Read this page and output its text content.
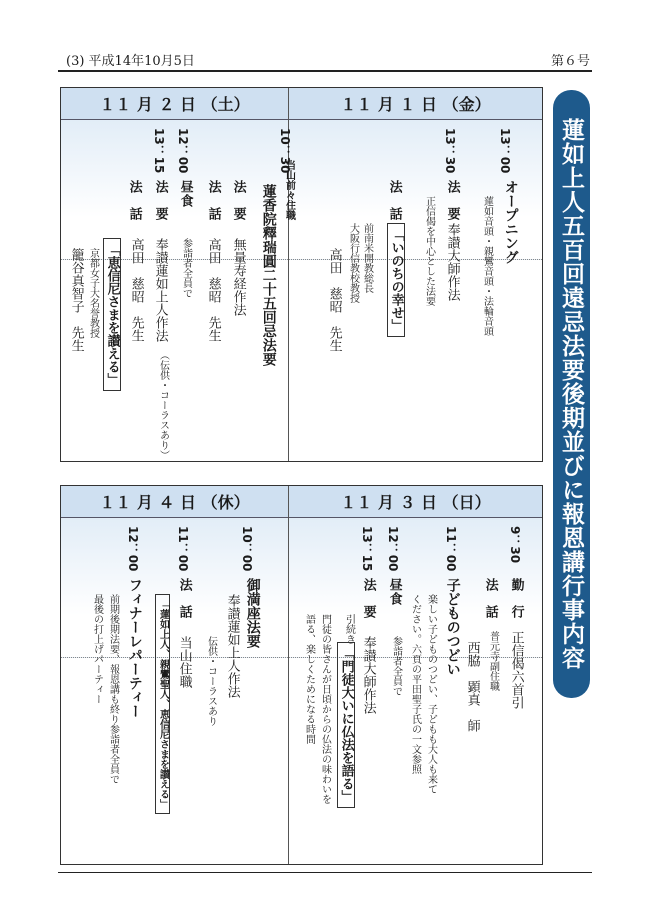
(3) 平成14年10月5日	第６号
蓮如上人五百回遠忌法要後期並びに報恩講行事内容
１１ 月 ２ 日 （土）	１１ 月 １ 日 （金）
13：00
13：30
オープニング
蓮如音頭・親鸞音頭・法輪音頭
法要
奉讃大師作法
正信偈を中心とした法要
法話
「いのちの幸せ」
前南米開教総長
大阪行信教校教授
高田　慈昭　先生
10：30
12：00
13：15
当山前々住職
蓮香院釋瑞圓二十五回忌法要
法要
無量寿経作法
法話
高田　慈昭　先生
昼食
参詣者全員で
法要
奉讃蓮如上人作法
（伝供・コーラスあり）
法話
高田　慈昭　先生
「恵信尼さまを讃える」
京都女子大名誉教授
籠谷真智子　先生
１１ 月 ４ 日 （休）	１１ 月 ３ 日 （日）
9：30
11：00
12：00
13：15
勤行
正信偈六首引
法話
普元寺副住職
西脇　顕真　師
子どものつどい
楽しい子どものつどい、子どもも大人も来て
ください。六頁の平田聖子氏の一文参照
昼食
参詣者全員で
法要
奉讃大師作法
引続き
「門徒大いに仏法を語る」
門徒の皆さんが日頃からの仏法の味わいを
語る、楽しくためになる時間
10：00
11：00
12：00
御満座法要
奉讃蓮如上人作法
伝供・コーラスあり
法話
当山住職
「蓮如上人、親鸞聖人、恵信尼さまを讃える」
フィナーレパーティー
前期後期法要、報恩講も終り参詣者全員で
最後の打上げパーティー
